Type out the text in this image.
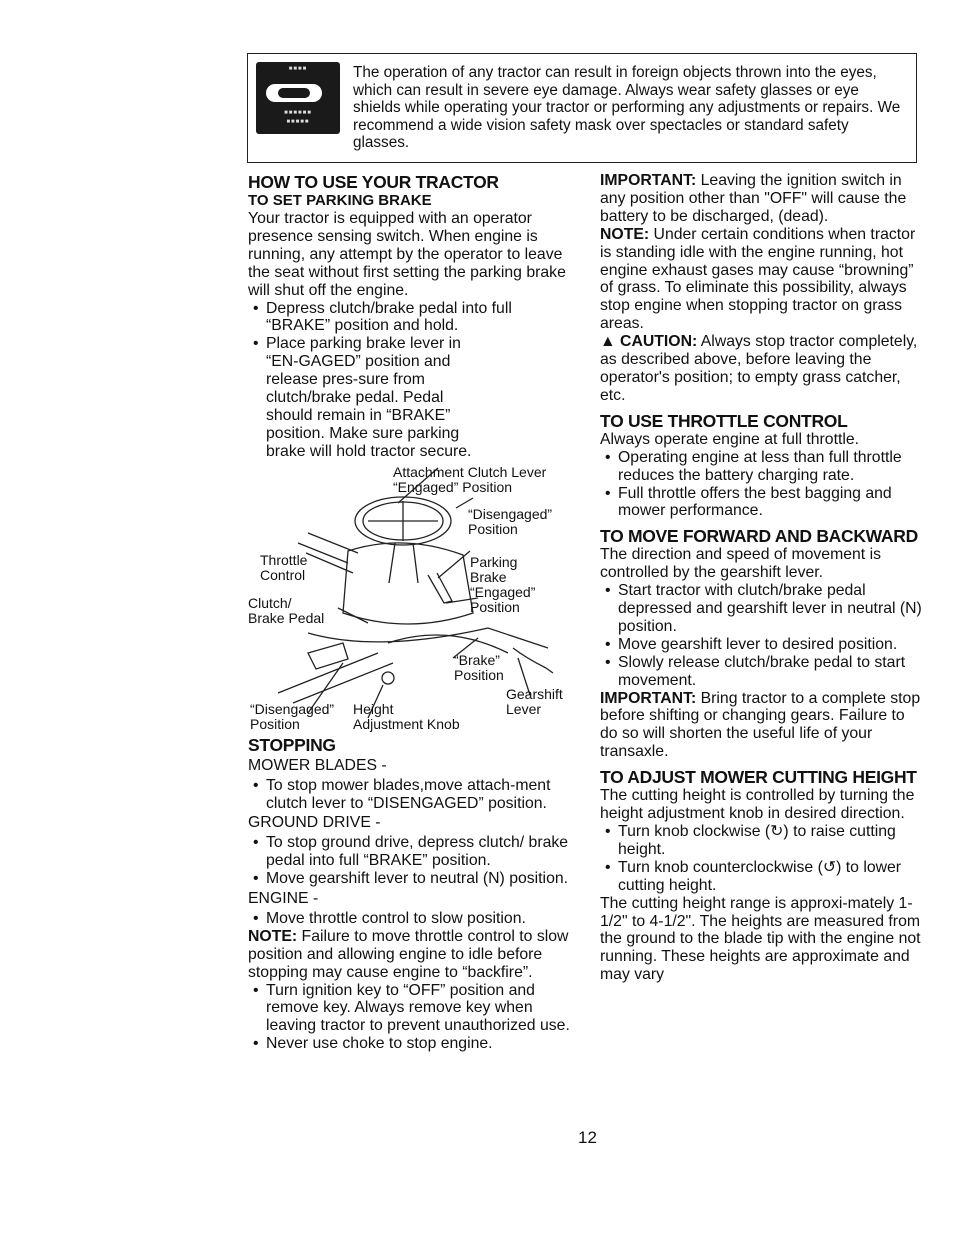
■■■■
■■■■■■
■■■■■
The operation of any tractor can result in foreign objects thrown into the eyes, which can result in severe eye damage. Always wear safety glasses or eye shields while operating your tractor or performing any adjustments or repairs. We recommend a wide vision safety mask over spectacles or standard safety glasses.
HOW TO USE YOUR TRACTOR
TO SET PARKING BRAKE

Your tractor is equipped with an operator presence sensing switch. When engine is running, any attempt by the operator to leave the seat without first setting the parking brake will shut off the engine.

• Depress clutch/brake pedal into full “BRAKE” position and hold.
• Place parking brake lever in “EN-GAGED” position and release pres-sure from clutch/brake pedal. Pedal should remain in “BRAKE” position. Make sure parking brake will hold tractor secure.
Attachment Clutch Lever
“Engaged” Position
“Disengaged”
Position
Throttle
Control
Parking
Brake
“Engaged”
Position
Clutch/
Brake Pedal
“Brake”
Position
Gearshift
Lever
“Disengaged”
Position
Height
Adjustment Knob
STOPPING

MOWER BLADES -

• To stop mower blades,move attach-ment clutch lever to “DISENGAGED” position.

GROUND DRIVE -

• To stop ground drive, depress clutch/ brake pedal into full “BRAKE” position.
• Move gearshift lever to neutral (N) position.

ENGINE -

• Move throttle control to slow position.

NOTE: Failure to move throttle control to slow position and allowing engine to idle before stopping may cause engine to “backfire”.

• Turn ignition key to “OFF” position and remove key. Always remove key when leaving tractor to prevent unauthorized use.
• Never use choke to stop engine.

IMPORTANT: Leaving the ignition switch in any position other than "OFF" will cause the battery to be discharged, (dead).

NOTE: Under certain conditions when tractor is standing idle with the engine running, hot engine exhaust gases may cause “browning” of grass. To eliminate this possibility, always stop engine when stopping tractor on grass areas.

▲ CAUTION: Always stop tractor completely, as described above, before leaving the operator's position; to empty grass catcher, etc.

TO USE THROTTLE CONTROL

Always operate engine at full throttle.

• Operating engine at less than full throttle reduces the battery charging rate.
• Full throttle offers the best bagging and mower performance.
TO MOVE FORWARD AND BACKWARD

The direction and speed of movement is controlled by the gearshift lever.

• Start tractor with clutch/brake pedal depressed and gearshift lever in neutral (N) position.
• Move gearshift lever to desired position.
• Slowly release clutch/brake pedal to start movement.

IMPORTANT: Bring tractor to a complete stop before shifting or changing gears. Failure to do so will shorten the useful life of your transaxle.

TO ADJUST MOWER CUTTING HEIGHT

The cutting height is controlled by turning the height adjustment knob in desired direction.

• Turn knob clockwise (↻) to raise cutting height.
• Turn knob counterclockwise (↺) to lower cutting height.

The cutting height range is approxi-mately 1-1/2" to 4-1/2". The heights are measured from the ground to the blade tip with the engine not running. These heights are approximate and may vary

12
